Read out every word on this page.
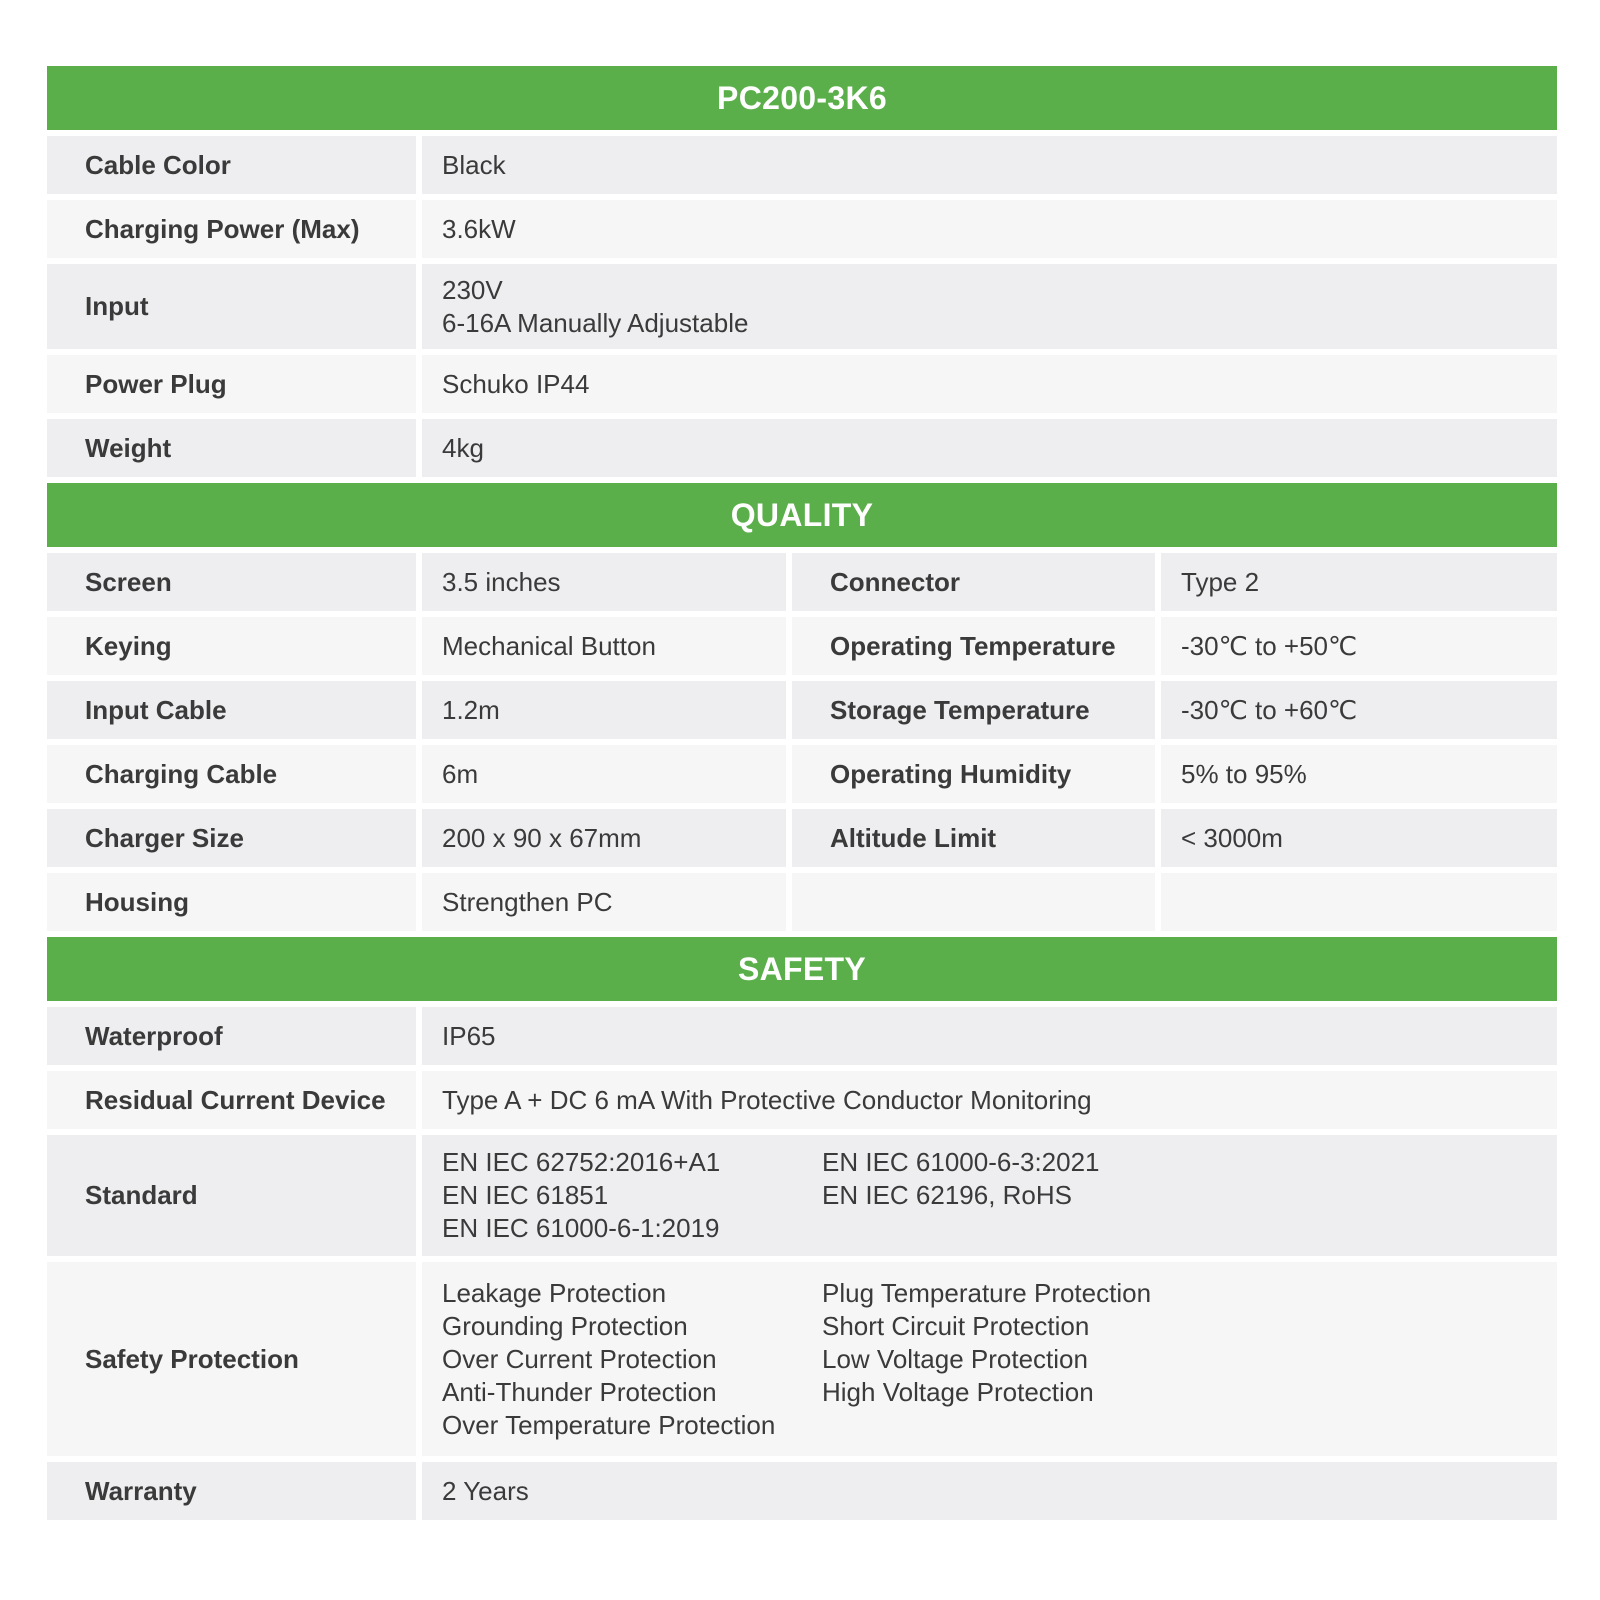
PC200-3K6
Cable Color	Black
Charging Power (Max)	3.6kW
Input
230V
6-16A Manually Adjustable
Power Plug	Schuko IP44
Weight	4kg
QUALITY
Screen	3.5 inches	Connector	Type 2
Keying	Mechanical Button	Operating Temperature	-30℃ to +50℃
Input Cable	1.2m	Storage Temperature	-30℃ to +60℃
Charging Cable	6m	Operating Humidity	5% to 95%
Charger Size	200 x 90 x 67mm	Altitude Limit	< 3000m
Housing	Strengthen PC
SAFETY
Waterproof	IP65
Residual Current Device	Type A + DC 6 mA With Protective Conductor Monitoring
Standard
EN IEC 62752:2016+A1
EN IEC 61851
EN IEC 61000-6-1:2019
EN IEC 61000-6-3:2021
EN IEC 62196, RoHS
Safety Protection
Leakage Protection
Grounding Protection
Over Current Protection
Anti-Thunder Protection
Over Temperature Protection
Plug Temperature Protection
Short Circuit Protection
Low Voltage Protection
High Voltage Protection
Warranty	2 Years
